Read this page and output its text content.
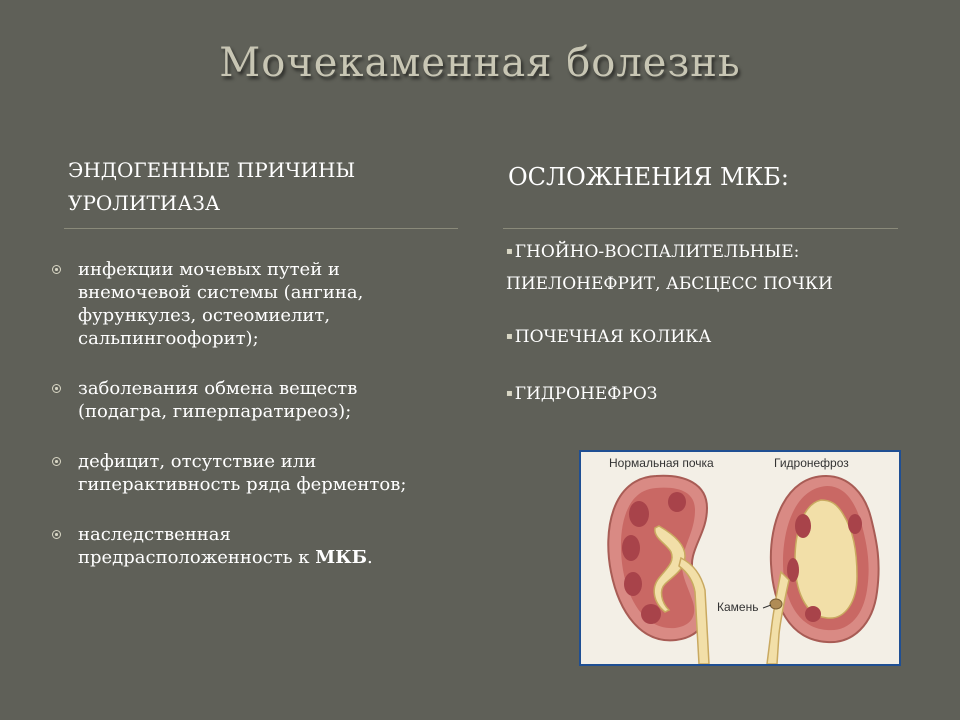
Мочекаменная болезнь
ЭНДОГЕННЫЕ ПРИЧИНЫ
УРОЛИТИАЗА
ОСЛОЖНЕНИЯ МКБ:
инфекции мочевых путей и внемочевой системы (ангина, фурункулез, остеомиелит, сальпингоофорит);
заболевания обмена веществ (подагра, гиперпаратиреоз);
дефицит, отсутствие или гиперактивность ряда ферментов;
наследственная предрасположенность к МКБ.
▪ ГНОЙНО-ВОСПАЛИТЕЛЬНЫЕ:
ПИЕЛОНЕФРИТ, АБСЦЕСС ПОЧКИ
▪ ПОЧЕЧНАЯ КОЛИКА
▪ ГИДРОНЕФРОЗ
Нормальная почка	Гидронефроз
Камень
